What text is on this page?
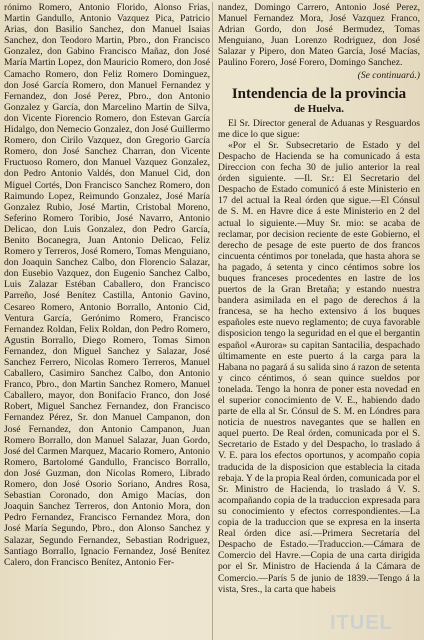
rónimo Romero, Antonio Florido, Alonso Frias, Martin Gandullo, Antonio Vazquez Pica, Patricio Arias, don Basilio Sanchez, don Manuel Isaias Sanchez, don Teodoro Martin, Pbro., don Francisco Gonzalez, don Gabino Francisco Mañaz, don José María Martin Lopez, don Mauricio Romero, don José Camacho Romero, don Feliz Romero Dominguez, don José García Romero, don Manuel Fernandez y Fernandez, don José Perez, Pbro., don Antonio Gonzalez y García, don Marcelino Martin de Silva, don Vicente Fiorencio Romero, don Estevan García Hidalgo, don Nemecio Gonzalez, don José Guillermo Romero, don Cirilo Vazquez, don Gregorio García Romero, don José Sanchez Charran, don Vicente Fructuoso Romero, don Manuel Vazquez Gonzalez, don Pedro Antonio Valdés, don Manuel Cid, don Miguel Cortés, Don Francisco Sanchez Romero, don Raimundo Lopez, Reimundo Gonzalez, José María Gonzalez Rubio, José Martin, Cristobal Moreno, Seferino Romero Toribio, José Navarro, Antonio Delicao, don Luis Gonzalez, don Pedro García, Benito Bocanegra, Juan Antonio Delicao, Feliz Romero y Terreros, José Romero, Tomas Menguiano, don Joaquin Sanchez Calbo, don Florencio Salazar, don Eusebio Vazquez, don Eugenio Sanchez Calbo, Luis Zalazar Estéban Caballero, don Francisco Parreño, José Benítez Castilla, Antonio Gavino, Cesareo Romero, Antonio Borrallo, Antonio Cid, Ventura García, Gerónimo Romero, Francisco Fernandez Roldan, Felix Roldan, don Pedro Romero, Agustin Borrallo, Diego Romero, Tomas Simon Fernandez, don Miguel Sanchez y Salazar, José Sanchez Ferrero, Nicolas Romero Terreros, Manuel Caballero, Casimiro Sanchez Calbo, don Antonio Franco, Pbro., don Martin Sanchez Romero, Manuel Caballero, mayor, don Bonifacio Franco, don José Robert, Miguel Sanchez Fernandez, don Francisco Fernandez Pérez, Sr. don Manuel Campanon, don José Fernandez, don Antonio Campanon, Juan Romero Borrallo, don Manuel Salazar, Juan Gordo, José del Carmen Marquez, Macario Romero, Antonio Romero, Bartolomé Gandullo, Francisco Borrallo, don José Guzman, don Nicolas Romero, Librado Romero, don José Osorio Soriano, Andres Rosa, Sebastian Coronado, don Amigo Macías, don Joaquin Sanchez Terreros, don Antonio Mora, don Pedro Fernandez, Francisco Fernandez Mora, don José María Segundo, Pbro., don Alonso Sanchez y Salazar, Segundo Fernandez, Sebastian Rodriguez, Santiago Borrallo, Ignacio Fernandez, José Benítez Calero, don Francisco Benítez, Antonio Fer-

nandez, Domingo Carrero, Antonio José Perez, Manuel Fernandez Mora, José Vazquez Franco, Adrian Gordo, don José Bermudez, Tomas Menguiano, Juan Lorenzo Rodriguez, don José Salazar y Pipero, don Mateo García, José Macías, Paulino Forero, José Forero, Domingo Sanchez.

(Se continuará.)
Intendencia de la provincia
de Huelva.

El Sr. Director general de Aduanas y Resguardos me dice lo que sigue:

«Por el Sr. Subsecretario de Estado y del Despacho de Hacienda se ha comunicado á esta Direccion con fecha 30 de julio anterior la real órden siguiente. —Il. Sr.: El Secretario del Despacho de Estado comunicó á este Ministerio en 17 del actual la Real órden que sigue.—El Cónsul de S. M. en Havre dice á este Ministerio en 2 del actual lo siguiente.—Muy Sr. mio: se acaba de reclamar, por decision reciente de este Gobierno, el derecho de pesage de este puerto de dos francos cincuenta céntimos por tonelada, que hasta ahora se ha pagado, á setenta y cinco céntimos sobre los buques franceses procedentes en lastre de los puertos de la Gran Bretaña; y estando nuestra bandera asimilada en el pago de derechos á la francesa, se ha hecho extensivo á los buques españoles este nuevo reglamento; de cuya favorable disposicion tengo la seguridad en el que el bergantin español «Aurora» su capitan Santacilia, despachado últimamente en este puerto á la carga para la Habana no pagará á su salida sino á razon de setenta y cinco céntimos, ó sean quince sueldos por tonelada. Tengo la honra de poner esta novedad en el superior conocimiento de V. E., habiendo dado parte de ella al Sr. Cónsul de S. M. en Lóndres para noticia de nuestros navegantes que se hallen en aquel puerto. De Real órden, comunicada por el S. Secretario de Estado y del Despacho, lo traslado á V. E. para los efectos oportunos, y acompaño copia traducida de la disposicion que establecia la citada rebaja. Y de la propia Real órden, comunicada por el Sr. Ministro de Hacienda, lo traslado á V. S. acompañando copia de la traduccion expresada para su conocimiento y efectos correspondientes.—La copia de la traduccion que se expresa en la inserta Real órden dice así.—Primera Secretaría del Despacho de Estado.—Traduccion.—Cámara de Comercio del Havre.—Copia de una carta dirigida por el Sr. Ministro de Hacienda á la Cámara de Comercio.—París 5 de junio de 1839.—Tengo á la vista, Sres., la carta que habeis

ITUEL
